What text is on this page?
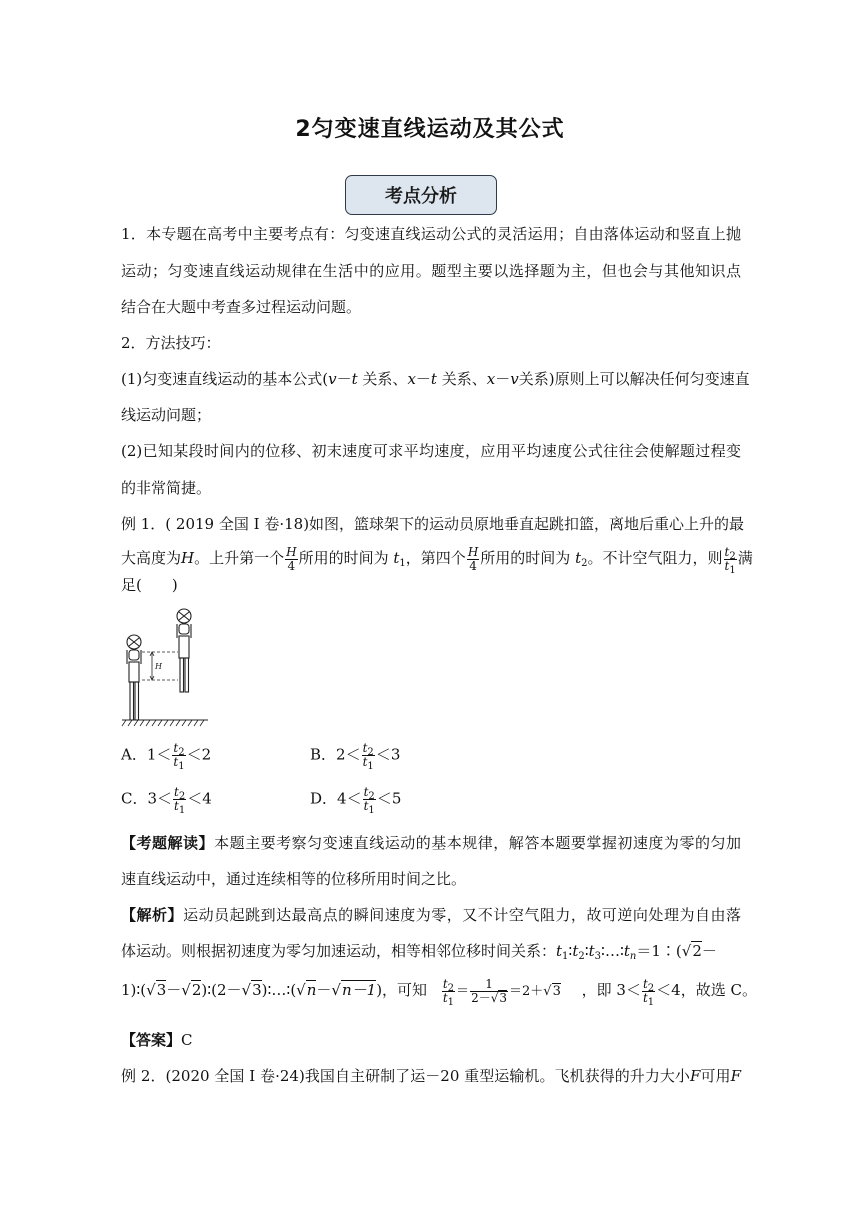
2匀变速直线运动及其公式
考点分析
1．本专题在高考中主要考点有：匀变速直线运动公式的灵活运用；自由落体运动和竖直上抛
运动；匀变速直线运动规律在生活中的应用。题型主要以选择题为主，但也会与其他知识点
结合在大题中考查多过程运动问题。
2．方法技巧：
(1)匀变速直线运动的基本公式(v－t 关系、x－t 关系、x－v关系)原则上可以解决任何匀变速直
线运动问题；
(2)已知某段时间内的位移、初末速度可求平均速度，应用平均速度公式往往会使解题过程变
的非常简捷。
例 1．( 2019 全国 I 卷·18)如图，篮球架下的运动员原地垂直起跳扣篮，离地后重心上升的最
大高度为H。上升第一个 $\frac{H}{4}$ 所用的时间为 $t_1$，第四个 $\frac{H}{4}$ 所用的时间为 $t_2$。不计空气阻力，则 $\frac{t_2}{t_1}$ 满
足(　　)
H
A．$1< \frac{t_2}{t_1} <2$	B．$2< \frac{t_2}{t_1} <3$
C．$3< \frac{t_2}{t_1} <4$	D．$4< \frac{t_2}{t_1} <5$
【考题解读】本题主要考察匀变速直线运动的基本规律，解答本题要掌握初速度为零的匀加
速直线运动中，通过连续相等的位移所用时间之比。
【解析】运动员起跳到达最高点的瞬间速度为零，又不计空气阻力，故可逆向处理为自由落
体运动。则根据初速度为零匀加速运动，相等相邻位移时间关系：$t_1∶t_2∶t_3∶\dots∶t_n=1∶(√2-$
1)∶(√3－√2)∶(2－√3)∶…∶(√n－√n－1)，可知 $\frac{t_2}{t_1} = \frac{1}{2-√3} =2+√3$ ，即 $3< \frac{t_2}{t_1} <4$，故选 C。
【答案】C
例 2．(2020 全国 I 卷·24)我国自主研制了运－20 重型运输机。飞机获得的升力大小F可用F
